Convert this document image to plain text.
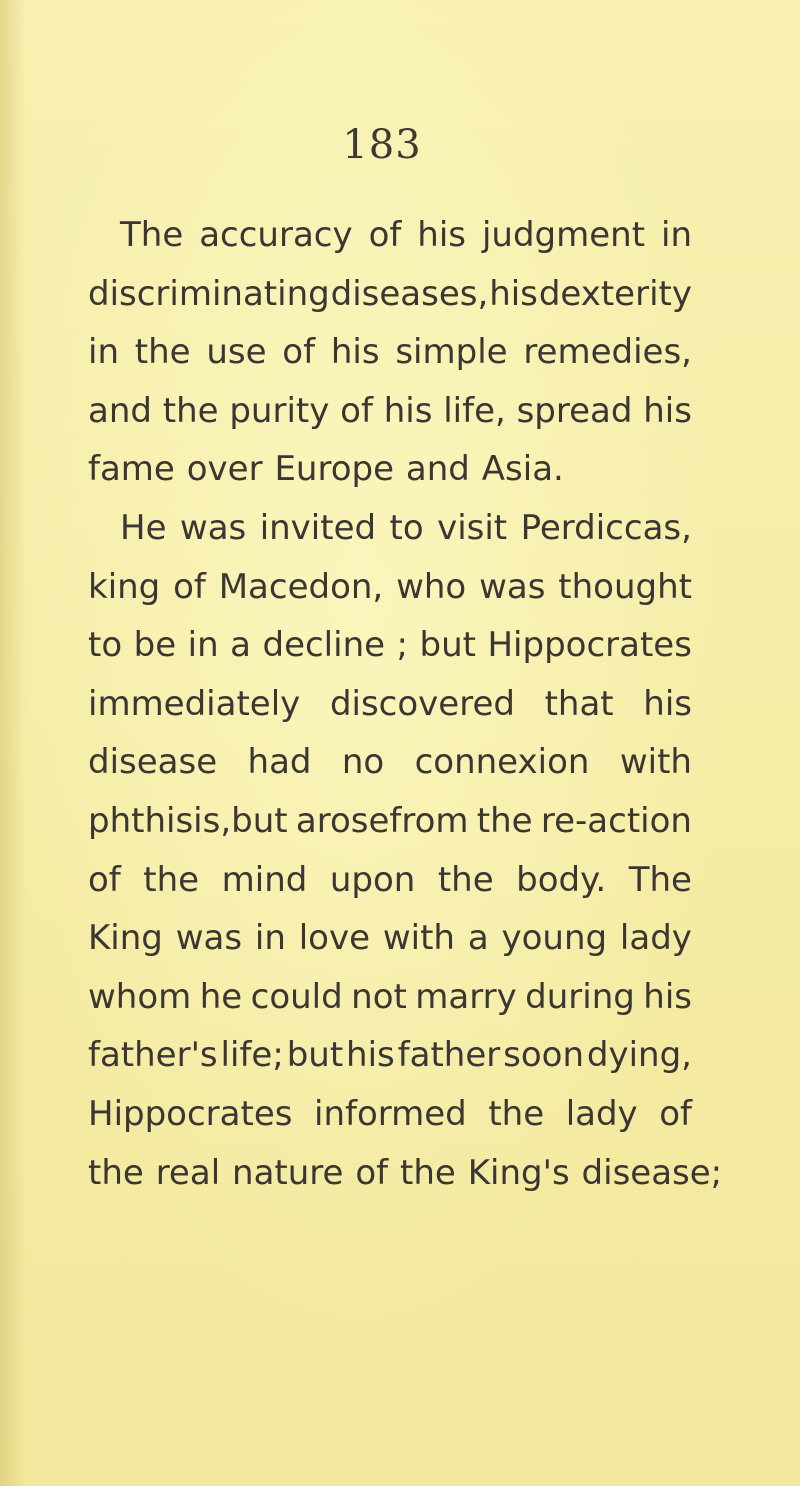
183
The accuracy of his judgment in
discriminating diseases, his dexterity
in the use of his simple remedies,
and the purity of his life, spread his
fame over Europe and Asia.
He was invited to visit Perdiccas,
king of Macedon, who was thought
to be in a decline ; but Hippocrates
immediately discovered that his
disease had no connexion with
phthisis,but arosefrom the re-action
of the mind upon the body. The
King was in love with a young lady
whom he could not marry during his
father's life; but his father soon dying,
Hippocrates informed the lady of
the real nature of the King's disease;
